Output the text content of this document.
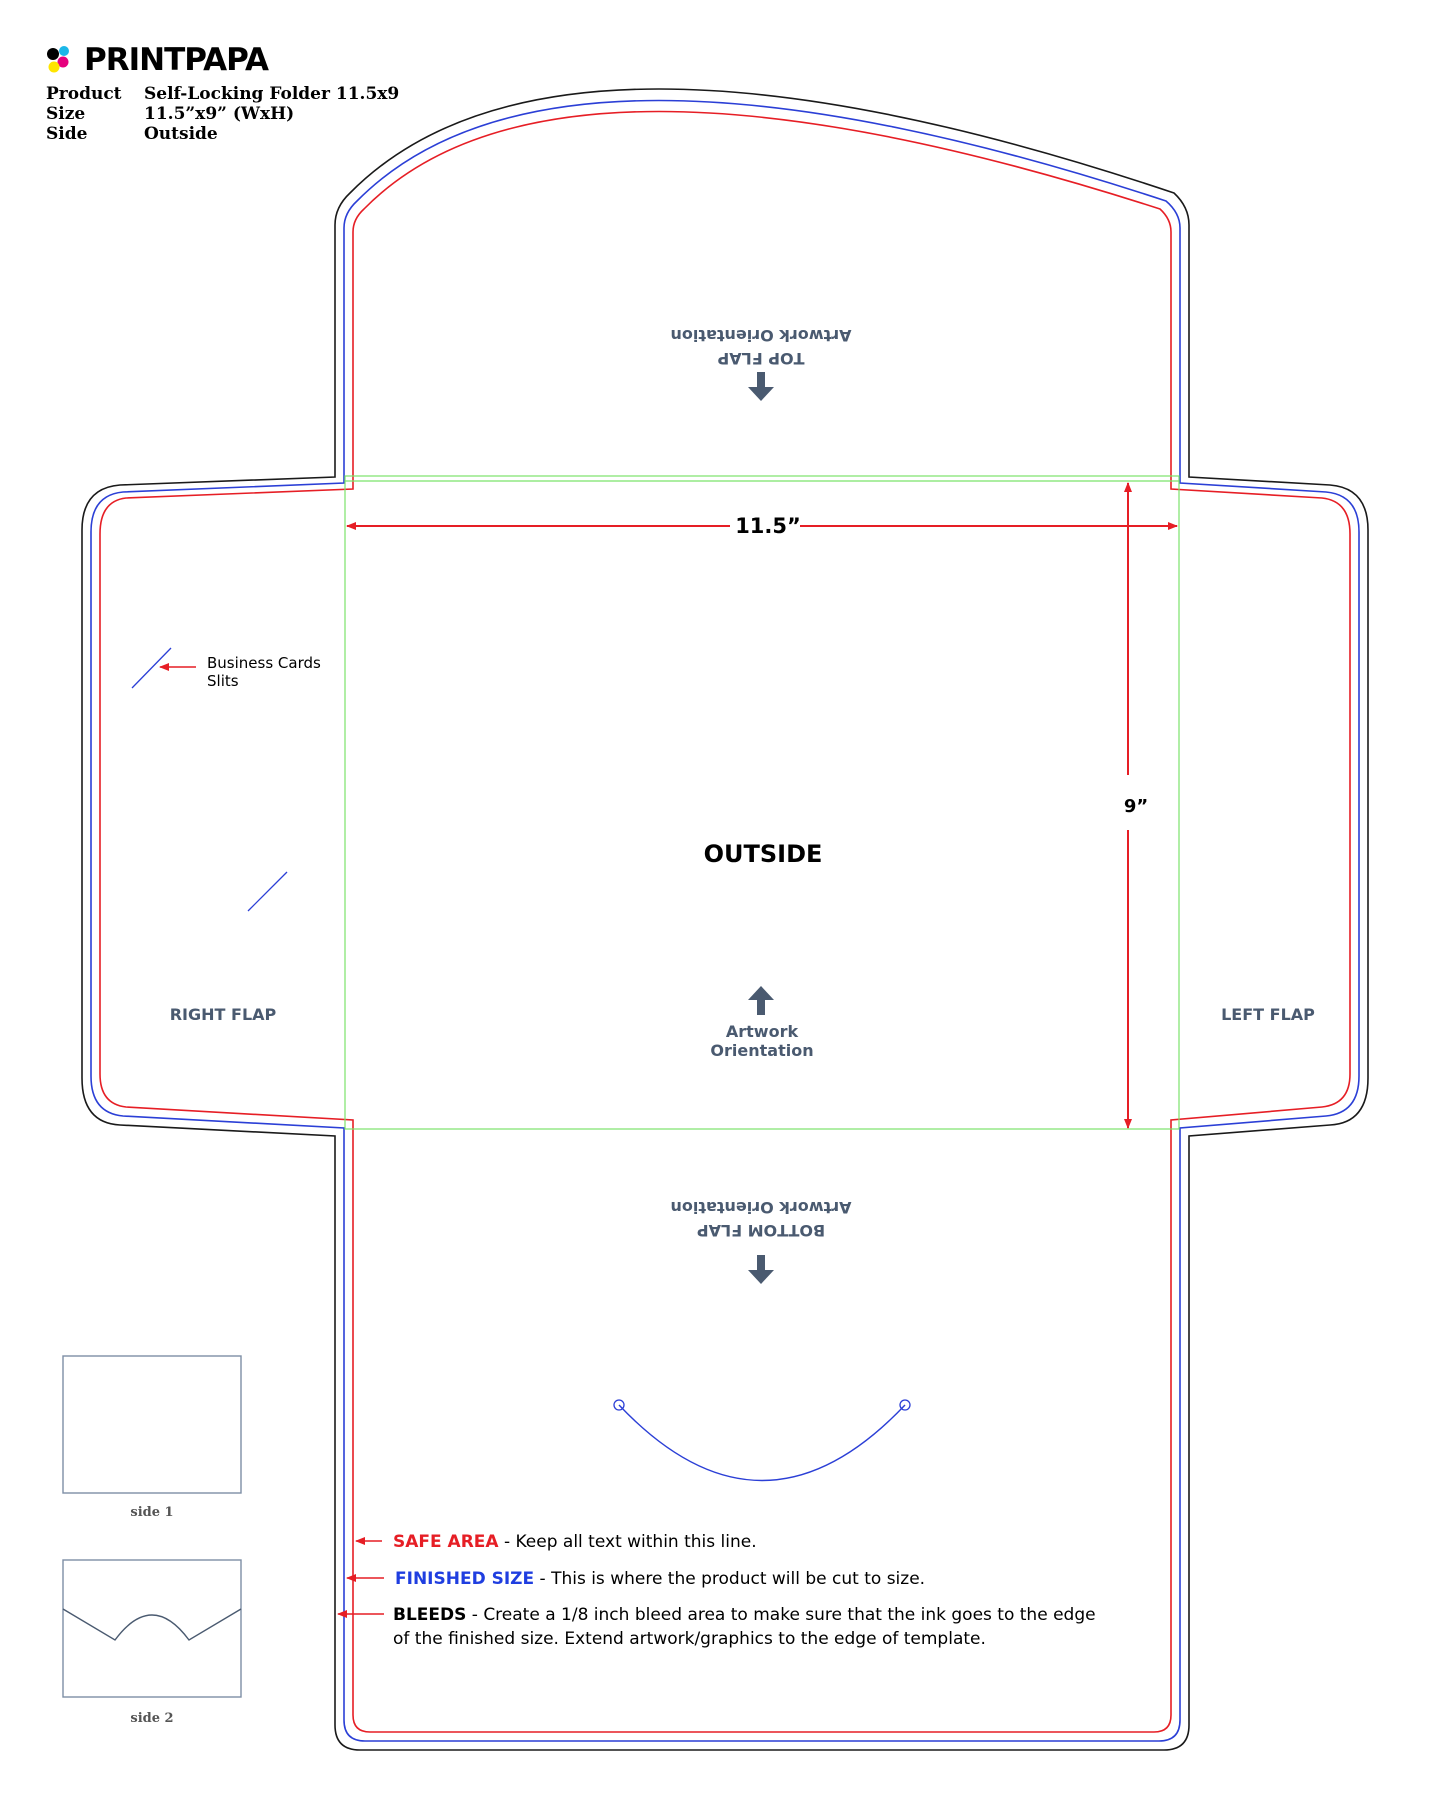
PRINTPAPA
Product	Self-Locking Folder 11.5x9
Size	11.5”x9” (WxH)
Side	Outside
TOP FLAP
Artwork Orientation
11.5”
9”
OUTSIDE
Artwork
Orientation
RIGHT FLAP	LEFT FLAP
Business Cards
Slits
BOTTOM FLAP
Artwork Orientation
SAFE AREA - Keep all text within this line.
FINISHED SIZE - This is where the product will be cut to size.
BLEEDS - Create a 1/8 inch bleed area to make sure that the ink goes to the edge
of the finished size. Extend artwork/graphics to the edge of template.
side 1
side 2
